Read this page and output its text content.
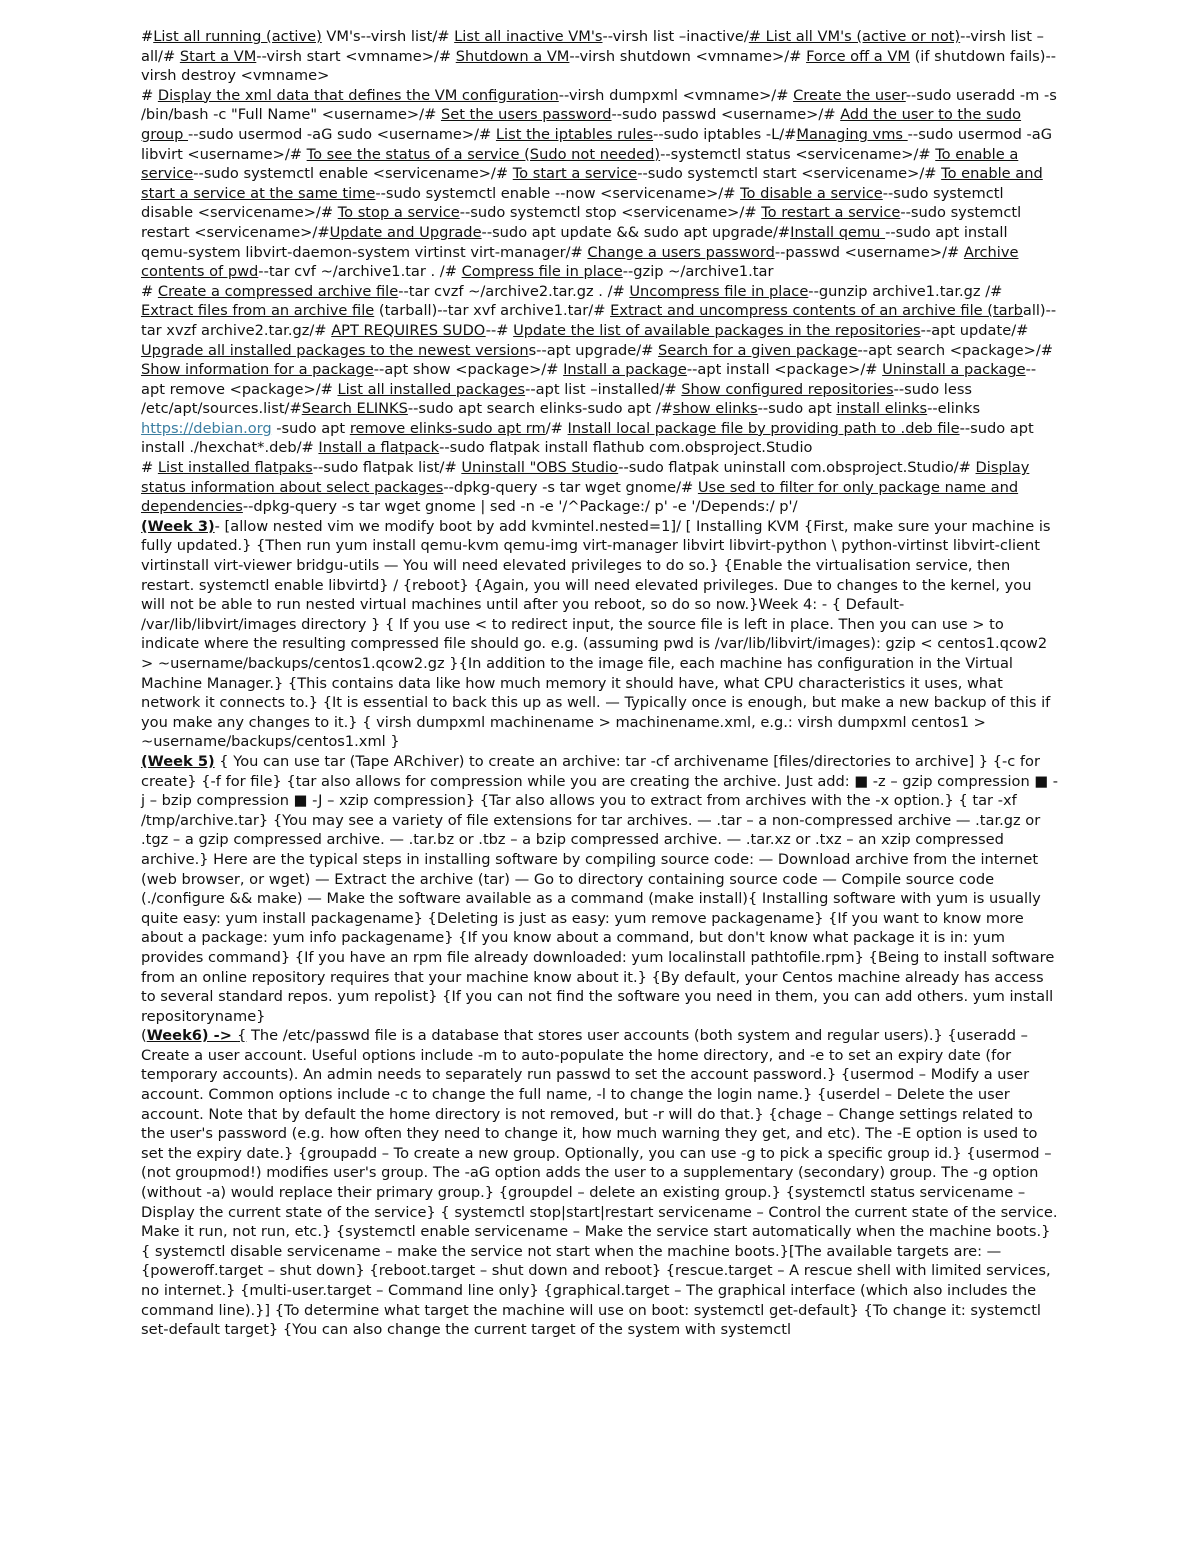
#List all running (active) VM's--virsh list/# List all inactive VM's--virsh list –inactive/# List all VM's (active or not)--virsh list –all/# Start a VM--virsh start <vmname>/# Shutdown a VM--virsh shutdown <vmname>/# Force off a VM (if shutdown fails)--virsh destroy <vmname>

# Display the xml data that defines the VM configuration--virsh dumpxml <vmname>/# Create the user--sudo useradd -m -s /bin/bash -c "Full Name" <username>/# Set the users password--sudo passwd <username>/# Add the user to the sudo group --sudo usermod -aG sudo <username>/# List the iptables rules--sudo iptables -L/#Managing vms --sudo usermod -aG libvirt <username>/# To see the status of a service (Sudo not needed)--systemctl status <servicename>/# To enable a service--sudo systemctl enable <servicename>/# To start a service--sudo systemctl start <servicename>/# To enable and start a service at the same time--sudo systemctl enable --now <servicename>/# To disable a service--sudo systemctl disable <servicename>/# To stop a service--sudo systemctl stop <servicename>/# To restart a service--sudo systemctl restart <servicename>/#Update and Upgrade--sudo apt update && sudo apt upgrade/#Install qemu --sudo apt install qemu-system libvirt-daemon-system virtinst virt-manager/# Change a users password--passwd <username>/# Archive contents of pwd--tar cvf ~/archive1.tar . /# Compress file in place--gzip ~/archive1.tar

# Create a compressed archive file--tar cvzf ~/archive2.tar.gz . /# Uncompress file in place--gunzip archive1.tar.gz /# Extract files from an archive file (tarball)--tar xvf archive1.tar/# Extract and uncompress contents of an archive file (tarball)--tar xvzf archive2.tar.gz/# APT REQUIRES SUDO--# Update the list of available packages in the repositories--apt update/# Upgrade all installed packages to the newest versions--apt upgrade/# Search for a given package--apt search <package>/# Show information for a package--apt show <package>/# Install a package--apt install <package>/# Uninstall a package--apt remove <package>/# List all installed packages--apt list –installed/# Show configured repositories--sudo less /etc/apt/sources.list/#Search ELINKS--sudo apt search elinks-sudo apt /#show elinks--sudo apt install elinks--elinks https://debian.org -sudo apt remove elinks-sudo apt rm/# Install local package file by providing path to .deb file--sudo apt install ./hexchat*.deb/# Install a flatpack--sudo flatpak install flathub com.obsproject.Studio

# List installed flatpaks--sudo flatpak list/# Uninstall "OBS Studio--sudo flatpak uninstall com.obsproject.Studio/# Display status information about select packages--dpkg-query -s tar wget gnome/# Use sed to filter for only package name and dependencies--dpkg-query -s tar wget gnome | sed -n -e '/^Package:/ p' -e '/Depends:/ p'/

(Week 3)- [allow nested vim we modify boot by add kvmintel.nested=1]/ [ Installing KVM {First, make sure your machine is fully updated.} {Then run yum install qemu-kvm qemu-img virt-manager libvirt libvirt-python \ python-virtinst libvirt-client virtinstall virt-viewer bridgu-utils — You will need elevated privileges to do so.} {Enable the virtualisation service, then restart. systemctl enable libvirtd} / {reboot} {Again, you will need elevated privileges. Due to changes to the kernel, you will not be able to run nested virtual machines until after you reboot, so do so now.}Week 4: - { Default- /var/lib/libvirt/images directory } { If you use < to redirect input, the source file is left in place. Then you can use > to indicate where the resulting compressed file should go. e.g. (assuming pwd is /var/lib/libvirt/images): gzip < centos1.qcow2 > ~username/backups/centos1.qcow2.gz }{In addition to the image file, each machine has configuration in the Virtual Machine Manager.} {This contains data like how much memory it should have, what CPU characteristics it uses, what network it connects to.} {It is essential to back this up as well. — Typically once is enough, but make a new backup of this if you make any changes to it.} { virsh dumpxml machinename > machinename.xml, e.g.: virsh dumpxml centos1 > ~username/backups/centos1.xml }

(Week 5) { You can use tar (Tape ARchiver) to create an archive: tar -cf archivename [files/directories to archive] } {-c for create} {-f for file} {tar also allows for compression while you are creating the archive. Just add: ■ -z – gzip compression ■ -j – bzip compression ■ -J – xzip compression} {Tar also allows you to extract from archives with the -x option.} { tar -xf /tmp/archive.tar} {You may see a variety of file extensions for tar archives. — .tar – a non-compressed archive — .tar.gz or .tgz – a gzip compressed archive. — .tar.bz or .tbz – a bzip compressed archive. — .tar.xz or .txz – an xzip compressed archive.} Here are the typical steps in installing software by compiling source code: — Download archive from the internet (web browser, or wget) — Extract the archive (tar) — Go to directory containing source code — Compile source code (./configure && make) — Make the software available as a command (make install){ Installing software with yum is usually quite easy: yum install packagename} {Deleting is just as easy: yum remove packagename} {If you want to know more about a package: yum info packagename} {If you know about a command, but don't know what package it is in: yum provides command} {If you have an rpm file already downloaded: yum localinstall pathtofile.rpm} {Being to install software from an online repository requires that your machine know about it.} {By default, your Centos machine already has access to several standard repos. yum repolist} {If you can not find the software you need in them, you can add others. yum install repositoryname}

(Week6) -> { The /etc/passwd file is a database that stores user accounts (both system and regular users).} {useradd – Create a user account. Useful options include -m to auto-populate the home directory, and -e to set an expiry date (for temporary accounts). An admin needs to separately run passwd to set the account password.} {usermod – Modify a user account. Common options include -c to change the full name, -l to change the login name.} {userdel – Delete the user account. Note that by default the home directory is not removed, but -r will do that.} {chage – Change settings related to the user's password (e.g. how often they need to change it, how much warning they get, and etc). The -E option is used to set the expiry date.} {groupadd – To create a new group. Optionally, you can use -g to pick a specific group id.} {usermod – (not groupmod!) modifies user's group. The -aG option adds the user to a supplementary (secondary) group. The -g option (without -a) would replace their primary group.} {groupdel – delete an existing group.} {systemctl status servicename – Display the current state of the service} { systemctl stop|start|restart servicename – Control the current state of the service. Make it run, not run, etc.} {systemctl enable servicename – Make the service start automatically when the machine boots.} { systemctl disable servicename – make the service not start when the machine boots.}[The available targets are: — {poweroff.target – shut down} {reboot.target – shut down and reboot} {rescue.target – A rescue shell with limited services, no internet.} {multi-user.target – Command line only} {graphical.target – The graphical interface (which also includes the command line).}] {To determine what target the machine will use on boot: systemctl get-default} {To change it: systemctl set-default target} {You can also change the current target of the system with systemctl
